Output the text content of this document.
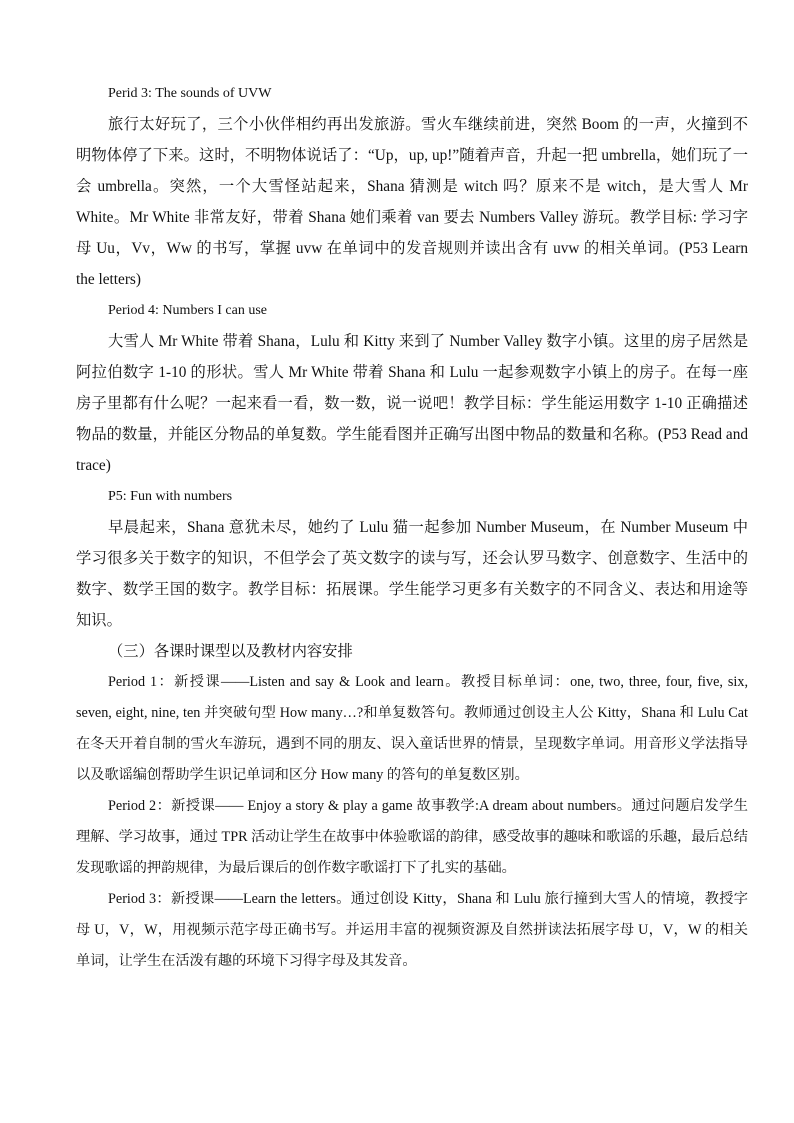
Perid 3: The sounds of UVW

旅行太好玩了，三个小伙伴相约再出发旅游。雪火车继续前进，突然 Boom 的一声，火撞到不明物体停了下来。这时，不明物体说话了：“Up，up, up!”随着声音，升起一把 umbrella，她们玩了一会 umbrella。突然，一个大雪怪站起来，Shana 猜测是 witch 吗？原来不是 witch，是大雪人 Mr White。Mr White 非常友好，带着 Shana 她们乘着 van 要去 Numbers Valley 游玩。教学目标: 学习字母 Uu，Vv，Ww 的书写，掌握 uvw 在单词中的发音规则并读出含有 uvw 的相关单词。(P53 Learn the letters)

Period 4: Numbers I can use

大雪人 Mr White 带着 Shana，Lulu 和 Kitty 来到了 Number Valley 数字小镇。这里的房子居然是阿拉伯数字 1-10 的形状。雪人 Mr White 带着 Shana 和 Lulu 一起参观数字小镇上的房子。在每一座房子里都有什么呢？一起来看一看，数一数，说一说吧！教学目标：学生能运用数字 1-10 正确描述物品的数量，并能区分物品的单复数。学生能看图并正确写出图中物品的数量和名称。(P53 Read and trace)

P5: Fun with numbers

早晨起来，Shana 意犹未尽，她约了 Lulu 猫一起参加 Number Museum，在 Number Museum 中学习很多关于数字的知识，不但学会了英文数字的读与写，还会认罗马数字、创意数字、生活中的数字、数学王国的数字。教学目标：拓展课。学生能学习更多有关数字的不同含义、表达和用途等知识。

（三）各课时课型以及教材内容安排

Period 1：新授课——Listen and say & Look and learn。教授目标单词：one, two, three, four, five, six, seven, eight, nine, ten 并突破句型 How many…?和单复数答句。教师通过创设主人公 Kitty，Shana 和 Lulu Cat 在冬天开着自制的雪火车游玩，遇到不同的朋友、误入童话世界的情景，呈现数字单词。用音形义学法指导以及歌谣编创帮助学生识记单词和区分 How many 的答句的单复数区别。

Period 2：新授课—— Enjoy a story & play a game 故事教学:A dream about numbers。通过问题启发学生理解、学习故事，通过 TPR 活动让学生在故事中体验歌谣的韵律，感受故事的趣味和歌谣的乐趣，最后总结发现歌谣的押韵规律，为最后课后的创作数字歌谣打下了扎实的基础。

Period 3：新授课——Learn the letters。通过创设 Kitty，Shana 和 Lulu 旅行撞到大雪人的情境，教授字母 U，V，W，用视频示范字母正确书写。并运用丰富的视频资源及自然拼读法拓展字母 U，V，W 的相关单词，让学生在活泼有趣的环境下习得字母及其发音。
